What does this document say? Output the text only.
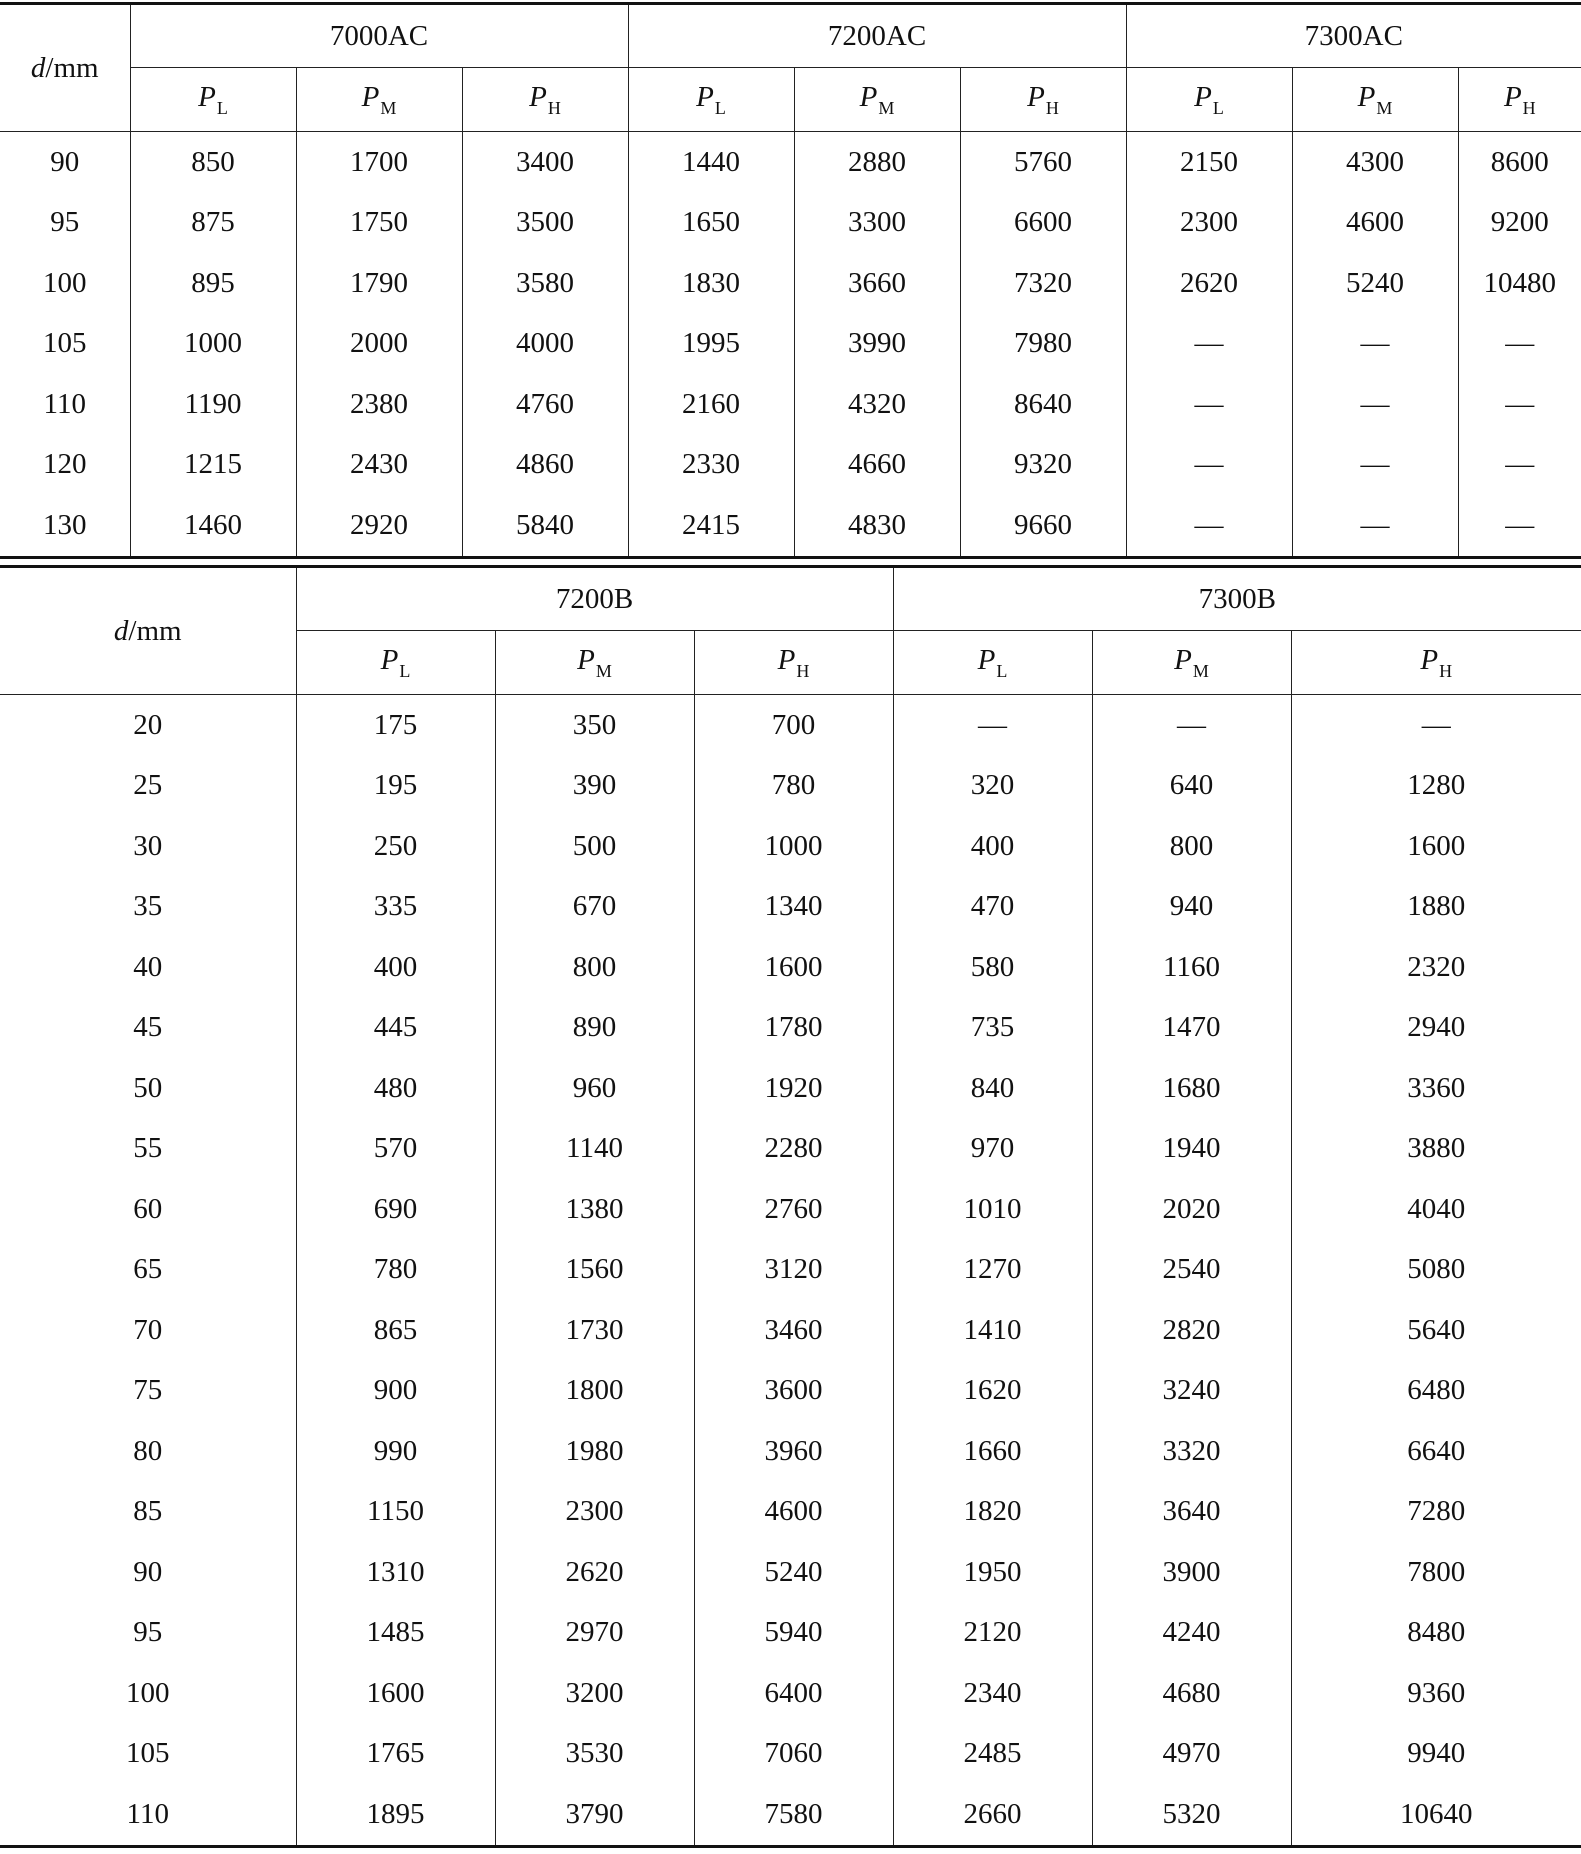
d/mm	7000AC			7200AC			7300AC		
	$P_L$	$P_M$	$P_H$	$P_L$	$P_M$	$P_H$	$P_L$	$P_M$	$P_H$
90	850	1700	3400	1440	2880	5760	2150	4300	8600
95	875	1750	3500	1650	3300	6600	2300	4600	9200
100	895	1790	3580	1830	3660	7320	2620	5240	10480
105	1000	2000	4000	1995	3990	7980	—	—	—
110	1190	2380	4760	2160	4320	8640	—	—	—
120	1215	2430	4860	2330	4660	9320	—	—	—
130	1460	2920	5840	2415	4830	9660	—	—	—
d/mm	7200B			7300B		
	$P_L$	$P_M$	$P_H$	$P_L$	$P_M$	$P_H$
20	175	350	700	—	—	—
25	195	390	780	320	640	1280
30	250	500	1000	400	800	1600
35	335	670	1340	470	940	1880
40	400	800	1600	580	1160	2320
45	445	890	1780	735	1470	2940
50	480	960	1920	840	1680	3360
55	570	1140	2280	970	1940	3880
60	690	1380	2760	1010	2020	4040
65	780	1560	3120	1270	2540	5080
70	865	1730	3460	1410	2820	5640
75	900	1800	3600	1620	3240	6480
80	990	1980	3960	1660	3320	6640
85	1150	2300	4600	1820	3640	7280
90	1310	2620	5240	1950	3900	7800
95	1485	2970	5940	2120	4240	8480
100	1600	3200	6400	2340	4680	9360
105	1765	3530	7060	2485	4970	9940
110	1895	3790	7580	2660	5320	10640
